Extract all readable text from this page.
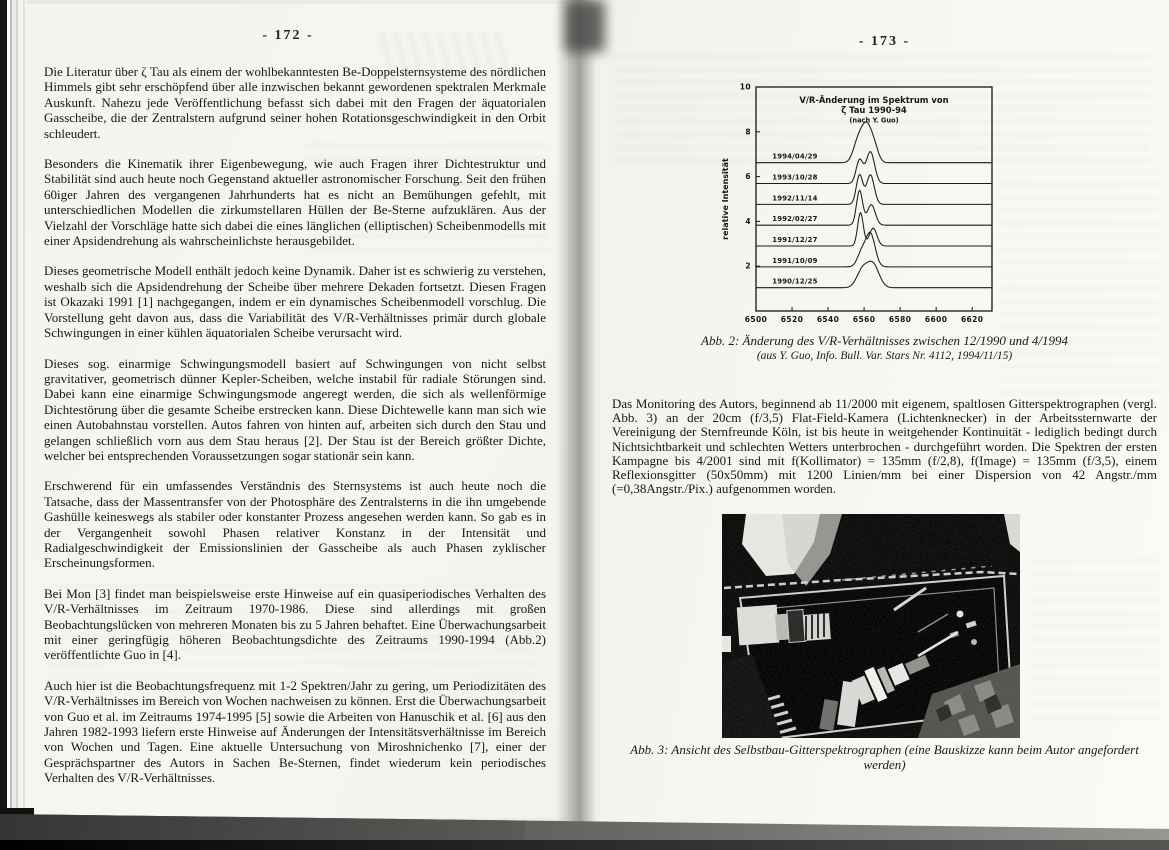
- 172 -

Die Literatur über ζ Tau als einem der wohlbekanntesten Be-Doppelsternsysteme des nördlichen Himmels gibt sehr erschöpfend über alle inzwischen bekannt gewordenen spektralen Merkmale Auskunft. Nahezu jede Veröffentlichung befasst sich dabei mit den Fragen der äquatorialen Gasscheibe, die der Zentralstern aufgrund seiner hohen Rotationsgeschwindigkeit in den Orbit schleudert.

Besonders die Kinematik ihrer Eigenbewegung, wie auch Fragen ihrer Dichtestruktur und Stabilität sind auch heute noch Gegenstand aktueller astronomischer Forschung. Seit den frühen 60iger Jahren des vergangenen Jahrhunderts hat es nicht an Bemühungen gefehlt, mit unterschiedlichen Modellen die zirkumstellaren Hüllen der Be-Sterne aufzuklären. Aus der Vielzahl der Vorschläge hatte sich dabei die eines länglichen (elliptischen) Scheibenmodells mit einer Apsidendrehung als wahrscheinlichste herausgebildet.

Dieses geometrische Modell enthält jedoch keine Dynamik. Daher ist es schwierig zu verstehen, weshalb sich die Apsidendrehung der Scheibe über mehrere Dekaden fortsetzt. Diesen Fragen ist Okazaki 1991 [1] nachgegangen, indem er ein dynamisches Scheibenmodell vorschlug. Die Vorstellung geht davon aus, dass die Variabilität des V/R-Verhältnisses primär durch globale Schwingungen in einer kühlen äquatorialen Scheibe verursacht wird.

Dieses sog. einarmige Schwingungsmodell basiert auf Schwingungen von nicht selbst gravitativer, geometrisch dünner Kepler-Scheiben, welche instabil für radiale Störungen sind. Dabei kann eine einarmige Schwingungsmode angeregt werden, die sich als wellenförmige Dichtestörung über die gesamte Scheibe erstrecken kann. Diese Dichtewelle kann man sich wie einen Autobahnstau vorstellen. Autos fahren von hinten auf, arbeiten sich durch den Stau und gelangen schließlich vorn aus dem Stau heraus [2]. Der Stau ist der Bereich größter Dichte, welcher bei entsprechenden Voraussetzungen sogar stationär sein kann.

Erschwerend für ein umfassendes Verständnis des Sternsystems ist auch heute noch die Tatsache, dass der Massentransfer von der Photosphäre des Zentralsterns in die ihn umgebende Gashülle keineswegs als stabiler oder konstanter Prozess angesehen werden kann. So gab es in der Vergangenheit sowohl Phasen relativer Konstanz in der Intensität und Radialgeschwindigkeit der Emissionslinien der Gasscheibe als auch Phasen zyklischer Erscheinungsformen.

Bei Mon [3] findet man beispielsweise erste Hinweise auf ein quasiperiodisches Verhalten des V/R-Verhältnisses im Zeitraum 1970-1986. Diese sind allerdings mit großen Beobachtungslücken von mehreren Monaten bis zu 5 Jahren behaftet. Eine Überwachungsarbeit mit einer geringfügig höheren Beobachtungsdichte des Zeitraums 1990-1994 (Abb.2) veröffentlichte Guo in [4].

Auch hier ist die Beobachtungsfrequenz mit 1-2 Spektren/Jahr zu gering, um Periodizitäten des V/R-Verhältnisses im Bereich von Wochen nachweisen zu können. Erst die Überwachungsarbeit von Guo et al. im Zeitraums 1974-1995 [5] sowie die Arbeiten von Hanuschik et al. [6] aus den Jahren 1982-1993 liefern erste Hinweise auf Änderungen der Intensitätsverhältnisse im Bereich von Wochen und Tagen. Eine aktuelle Untersuchung von Miroshnichenko [7], einer der Gesprächspartner des Autors in Sachen Be-Sternen, findet wiederum kein periodisches Verhalten des V/R-Verhältnisses.

- 173 -
6500 6520 6540 6560 6580 6600 6620
2
4
6
8
10
V/R-Änderung im Spektrum von
ζ Tau 1990-94
(nach Y. Guo)
relative Intensität
1994/04/29
1993/10/28
1992/11/14
1992/02/27
1991/12/27
1991/10/09
1990/12/25
Abb. 2: Änderung des V/R-Verhältnisses zwischen 12/1990 und 4/1994
(aus Y. Guo, Info. Bull. Var. Stars Nr. 4112, 1994/11/15)

Das Monitoring des Autors, beginnend ab 11/2000 mit eigenem, spaltlosen Gitterspektrographen (vergl. Abb. 3) an der 20cm (f/3,5) Flat-Field-Kamera (Lichtenknecker) in der Arbeitssternwarte der Vereinigung der Sternfreunde Köln, ist bis heute in weitgehender Kontinuität - lediglich bedingt durch Nichtsichtbarkeit und schlechten Wetters unterbrochen - durchgeführt worden. Die Spektren der ersten Kampagne bis 4/2001 sind mit f(Kollimator) = 135mm (f/2,8), f(Image) = 135mm (f/3,5), einem Reflexionsgitter (50x50mm) mit 1200 Linien/mm bei einer Dispersion von 42 Angstr./mm (=0,38Angstr./Pix.) aufgenommen worden.

Abb. 3: Ansicht des Selbstbau-Gitterspektrographen (eine Bauskizze kann beim Autor angefordert werden)
